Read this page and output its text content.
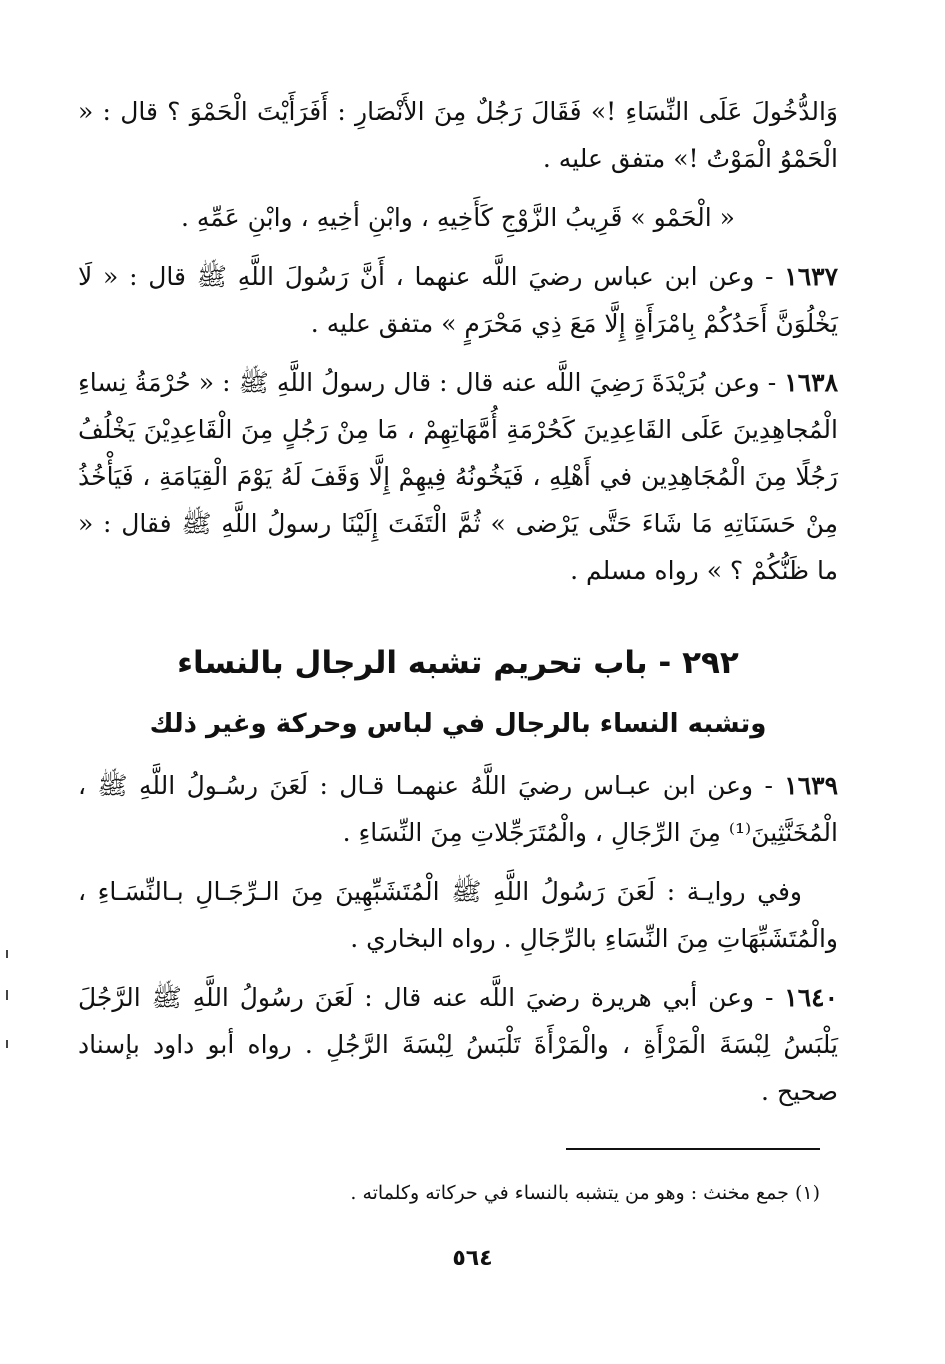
وَالدُّخُولَ عَلَى النِّسَاءِ !» فَقَالَ رَجُلٌ مِنَ الأَنْصَارِ : أَفَرَأَيْتَ الْحَمْوَ ؟ قال : « الْحَمْوُ الْمَوْتُ !» متفق عليه .

« الْحَمْو » قَرِيبُ الزَّوْجِ كَأَخِيهِ ، وابْنِ أخِيهِ ، وابْنِ عَمِّهِ .

١٦٣٧ - وعن ابن عباس رضيَ اللَّه عنهما ، أَنَّ رَسُولَ اللَّهِ ﷺ قال : « لَا يَخْلُوَنَّ أَحَدُكُمْ بِامْرَأَةٍ إِلَّا مَعَ ذِي مَحْرَمٍ » متفق عليه .

١٦٣٨ - وعن بُرَيْدَةَ رَضِيَ اللَّه عنه قال : قال رسولُ اللَّهِ ﷺ : « حُرْمَةُ نِساءِ الْمُجاهِدِينَ عَلَى القَاعِدِينَ كَحُرْمَةِ أُمَّهَاتِهِمْ ، مَا مِنْ رَجُلٍ مِنَ الْقَاعِدِيْنَ يَخْلُفُ رَجُلًا مِنَ الْمُجَاهِدِين في أَهْلِهِ ، فَيَخُونُهُ فِيهِمْ إِلَّا وَقَفَ لَهُ يَوْمَ الْقِيَامَةِ ، فَيَأْخُذُ مِنْ حَسَنَاتِهِ مَا شَاءَ حَتَّى يَرْضى » ثُمَّ الْتَفَتَ إِلَيْنَا رسولُ اللَّهِ ﷺ فقال : « ما ظَنُّكُمْ ؟ » رواه مسلم .

٢٩٢ - باب تحريم تشبه الرجال بالنساء
وتشبه النساء بالرجال في لباس وحركة وغير ذلك

١٦٣٩ - وعن ابن عبـاس رضيَ اللَّهُ عنهمـا قـال : لَعَنَ رسُـولُ اللَّهِ ﷺ ، الْمُخَنَّثِينَ⁽¹⁾ مِنَ الرِّجَالِ ، والْمُتَرَجِّلاتِ مِنَ النِّسَاءِ .

وفي روايـة : لَعَنَ رَسُولُ اللَّهِ ﷺ الْمُتَشَبِّهِينَ مِنَ الـرِّجَـالِ بـالنِّسَـاءِ ، والْمُتَشَبِّهَاتِ مِنَ النِّسَاءِ بالرِّجَالِ . رواه البخاري .

١٦٤٠ - وعن أبي هريرة رضيَ اللَّه عنه قال : لَعَنَ رسُولُ اللَّهِ ﷺ الرَّجُلَ يَلْبَسُ لِبْسَةَ الْمَرْأَةِ ، والْمَرْأَةَ تَلْبَسُ لِبْسَةَ الرَّجُلِ . رواه أبو داود بإسناد صحيح .

(١) جمع مخنث : وهو من يتشبه بالنساء في حركاته وكلماته .
٥٦٤
